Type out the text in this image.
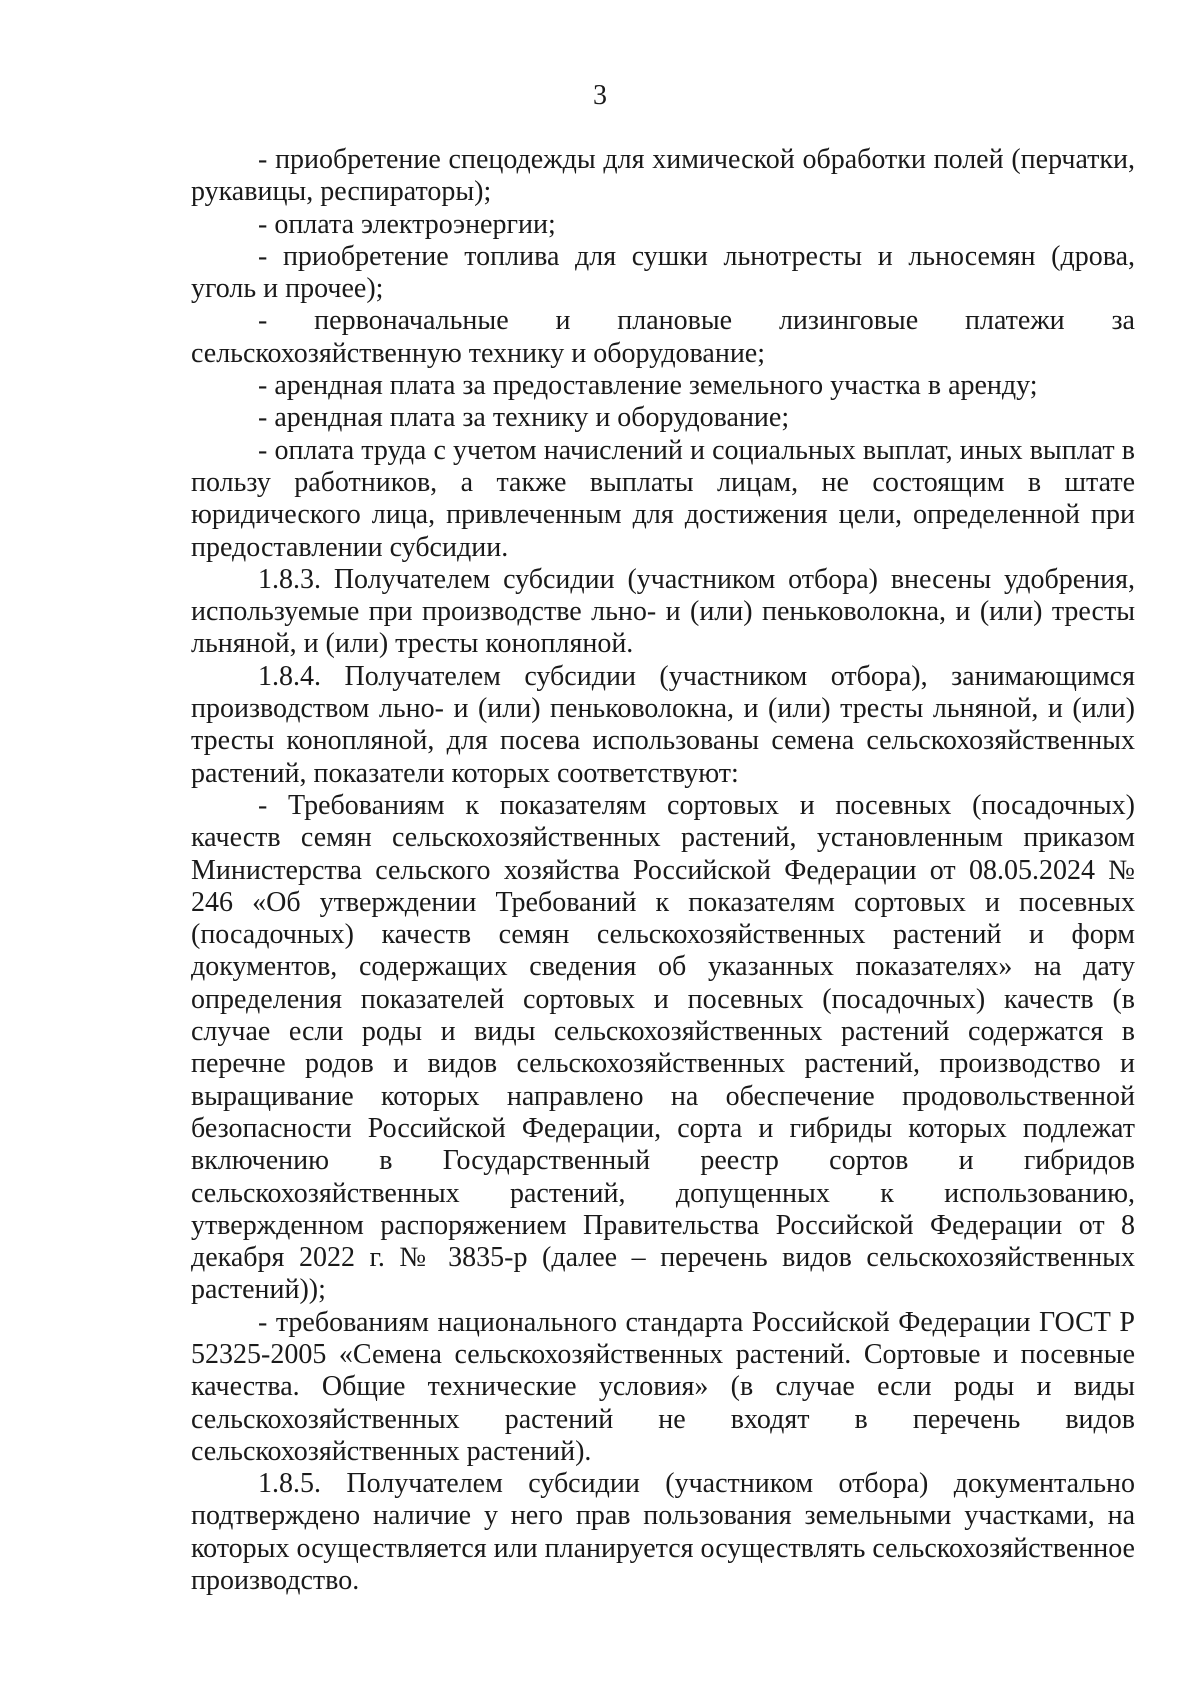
3

- приобретение спецодежды для химической обработки полей (перчатки, рукавицы, респираторы);

- оплата электроэнергии;

- приобретение топлива для сушки льнотресты и льносемян (дрова, уголь и прочее);

- первоначальные и плановые лизинговые платежи за сельскохозяйственную технику и оборудование;

- арендная плата за предоставление земельного участка в аренду;

- арендная плата за технику и оборудование;

- оплата труда с учетом начислений и социальных выплат, иных выплат в пользу работников, а также выплаты лицам, не состоящим в штате юридического лица, привлеченным для достижения цели, определенной при предоставлении субсидии.

1.8.3. Получателем субсидии (участником отбора) внесены удобрения, используемые при производстве льно- и (или) пеньковолокна, и (или) тресты льняной, и (или) тресты конопляной.

1.8.4. Получателем субсидии (участником отбора), занимающимся производством льно- и (или) пеньковолокна, и (или) тресты льняной, и (или) тресты конопляной, для посева использованы семена сельскохозяйственных растений, показатели которых соответствуют:

- Требованиям к показателям сортовых и посевных (посадочных) качеств семян сельскохозяйственных растений, установленным приказом Министерства сельского хозяйства Российской Федерации от 08.05.2024 № 246 «Об утверждении Требований к показателям сортовых и посевных (посадочных) качеств семян сельскохозяйственных растений и форм документов, содержащих сведения об указанных показателях» на дату определения показателей сортовых и посевных (посадочных) качеств (в случае если роды и виды сельскохозяйственных растений содержатся в перечне родов и видов сельскохозяйственных растений, производство и выращивание которых направлено на обеспечение продовольственной безопасности Российской Федерации, сорта и гибриды которых подлежат включению в Государственный реестр сортов и гибридов сельскохозяйственных растений, допущенных к использованию, утвержденном распоряжением Правительства Российской Федерации от 8 декабря 2022 г. № 3835-р (далее – перечень видов сельскохозяйственных растений));

- требованиям национального стандарта Российской Федерации ГОСТ Р 52325-2005 «Семена сельскохозяйственных растений. Сортовые и посевные качества. Общие технические условия» (в случае если роды и виды сельскохозяйственных растений не входят в перечень видов сельскохозяйственных растений).

1.8.5. Получателем субсидии (участником отбора) документально подтверждено наличие у него прав пользования земельными участками, на которых осуществляется или планируется осуществлять сельскохозяйственное производство.
